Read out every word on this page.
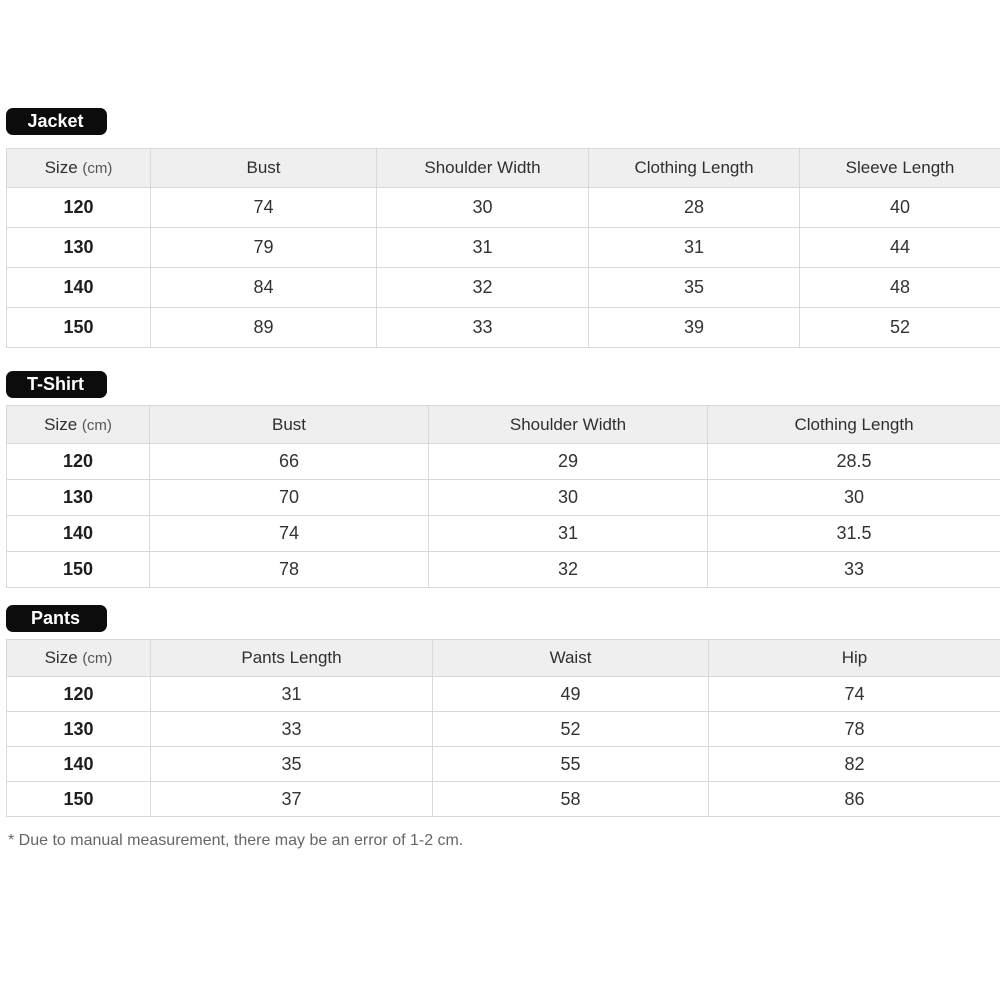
Jacket
Size (cm)	Bust	Shoulder Width	Clothing Length	Sleeve Length
120	74	30	28	40
130	79	31	31	44
140	84	32	35	48
150	89	33	39	52
T-Shirt
Size (cm)	Bust	Shoulder Width	Clothing Length
120	66	29	28.5
130	70	30	30
140	74	31	31.5
150	78	32	33
Pants
Size (cm)	Pants Length	Waist	Hip
120	31	49	74
130	33	52	78
140	35	55	82
150	37	58	86
* Due to manual measurement, there may be an error of 1-2 cm.
